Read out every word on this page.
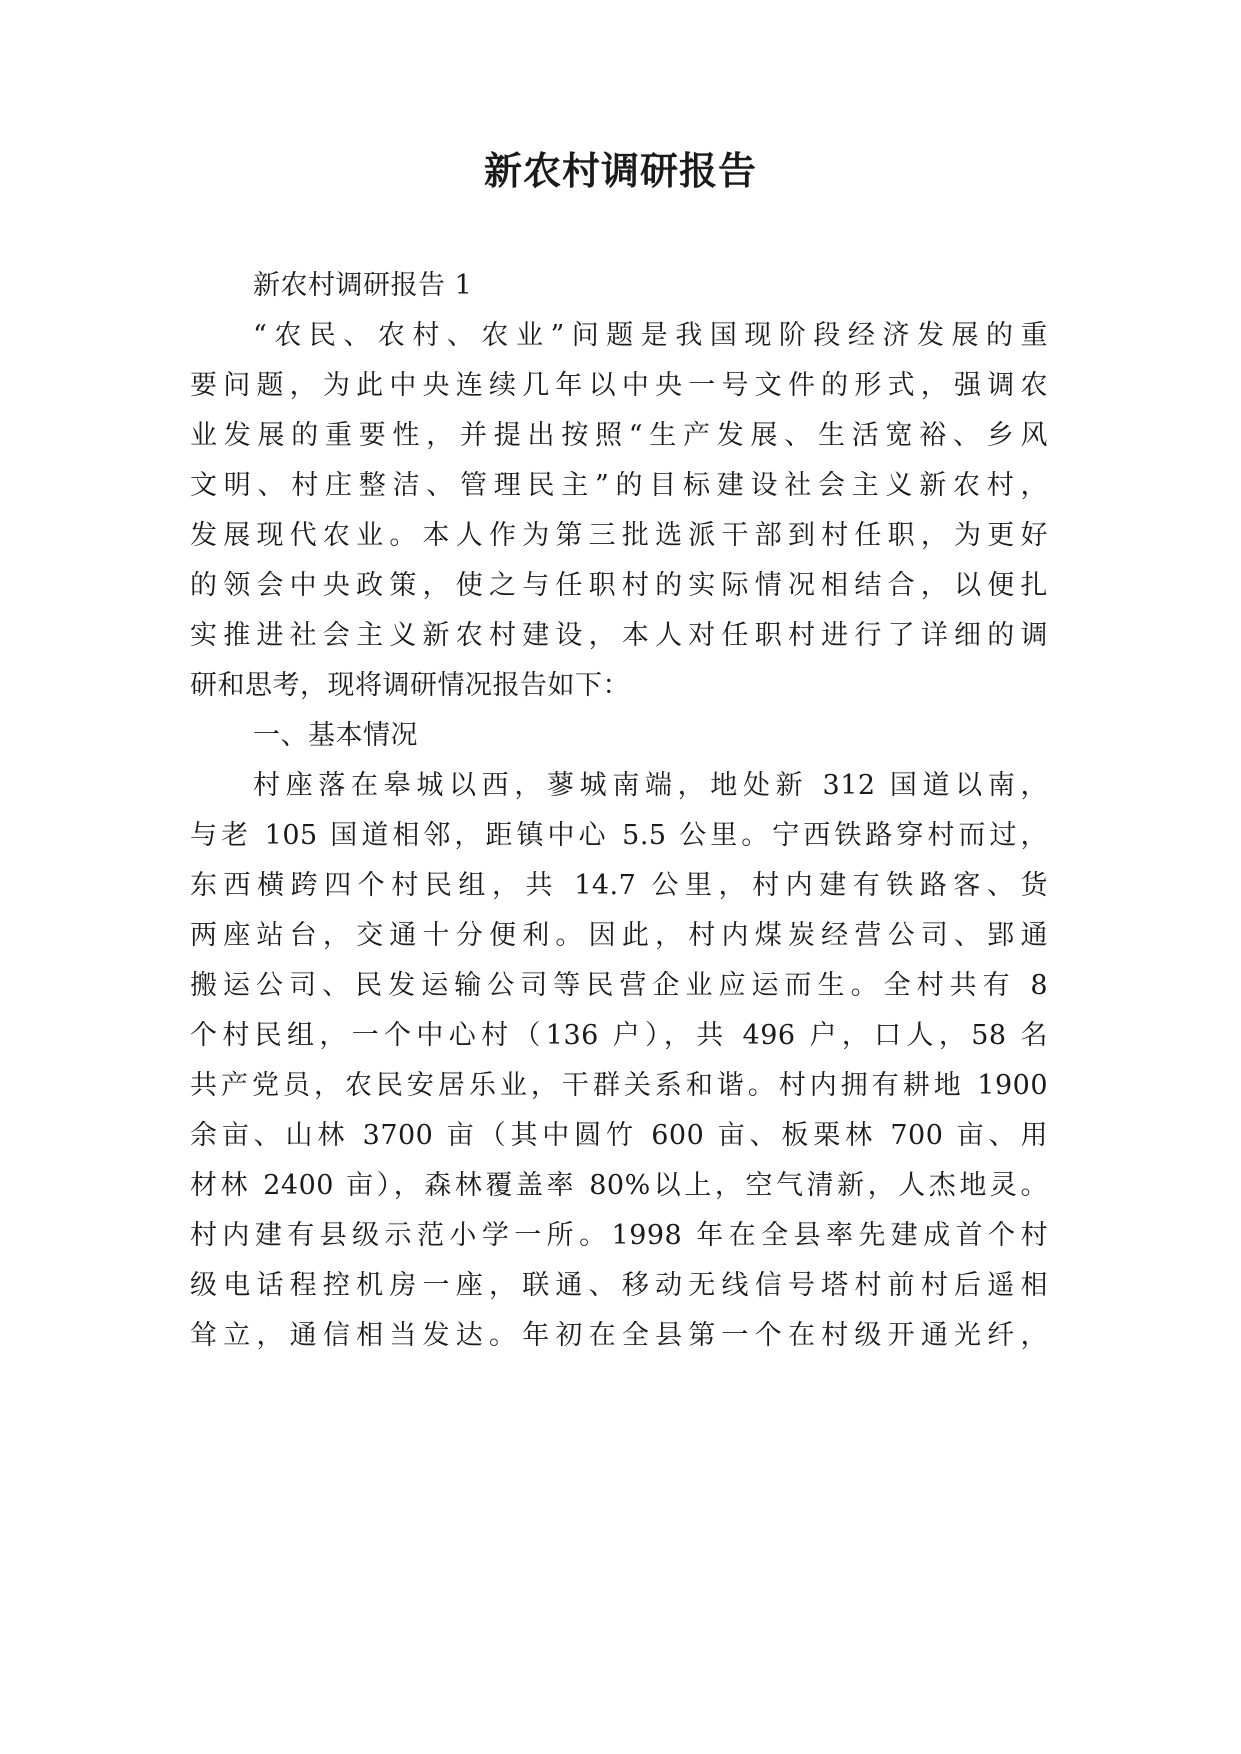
新农村调研报告
新农村调研报告 1
“农民、农村、农业”问题是我国现阶段经济发展的重
要问题，为此中央连续几年以中央一号文件的形式，强调农
业发展的重要性，并提出按照“生产发展、生活宽裕、乡风
文明、村庄整洁、管理民主”的目标建设社会主义新农村，
发展现代农业。本人作为第三批选派干部到村任职，为更好
的领会中央政策，使之与任职村的实际情况相结合，以便扎
实推进社会主义新农村建设，本人对任职村进行了详细的调
研和思考，现将调研情况报告如下：
一、基本情况
村座落在皋城以西，蓼城南端，地处新 312 国道以南，
与老 105 国道相邻，距镇中心 5.5 公里。宁西铁路穿村而过，
东西横跨四个村民组，共 14.7 公里，村内建有铁路客、货
两座站台，交通十分便利。因此，村内煤炭经营公司、郢通
搬运公司、民发运输公司等民营企业应运而生。全村共有 8
个村民组，一个中心村（136 户），共 496 户，口人，58 名
共产党员，农民安居乐业，干群关系和谐。村内拥有耕地 1900
余亩、山林 3700 亩（其中圆竹 600 亩、板栗林 700 亩、用
材林 2400 亩），森林覆盖率 80%以上，空气清新，人杰地灵。
村内建有县级示范小学一所。1998 年在全县率先建成首个村
级电话程控机房一座，联通、移动无线信号塔村前村后遥相
耸立，通信相当发达。年初在全县第一个在村级开通光纤，
